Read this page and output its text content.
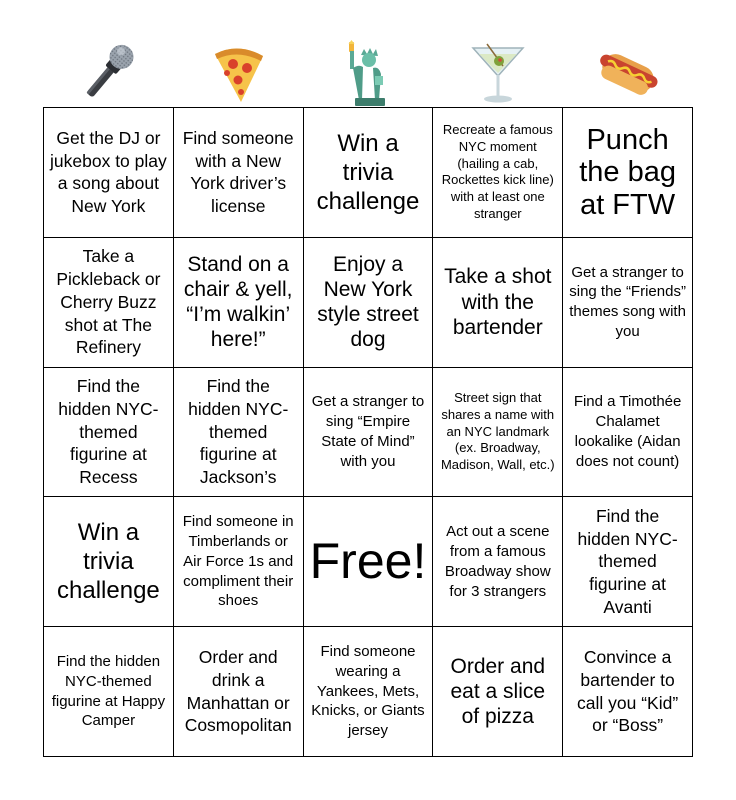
Get the DJ or jukebox to play a song about New York
Find someone with a New York driver’s license
Win a trivia challenge
Recreate a famous NYC moment (hailing a cab, Rockettes kick line) with at least one stranger
Punch the bag at FTW
Take a Pickleback or Cherry Buzz shot at The Refinery
Stand on a chair & yell, “I’m walkin’ here!”
Enjoy a New York style street dog
Take a shot with the bartender
Get a stranger to sing the “Friends” themes song with you
Find the hidden NYC-themed figurine at Recess
Find the hidden NYC-themed figurine at Jackson’s
Get a stranger to sing “Empire State of Mind” with you
Street sign that shares a name with an NYC landmark (ex. Broadway, Madison, Wall, etc.)
Find a Timothée Chalamet lookalike (Aidan does not count)
Win a trivia challenge
Find someone in Timberlands or Air Force 1s and compliment their shoes
Free!
Act out a scene from a famous Broadway show for 3 strangers
Find the hidden NYC-themed figurine at Avanti
Find the hidden NYC-themed figurine at Happy Camper
Order and drink a Manhattan or Cosmopolitan
Find someone wearing a Yankees, Mets, Knicks, or Giants jersey
Order and eat a slice of pizza
Convince a bartender to call you “Kid” or “Boss”
